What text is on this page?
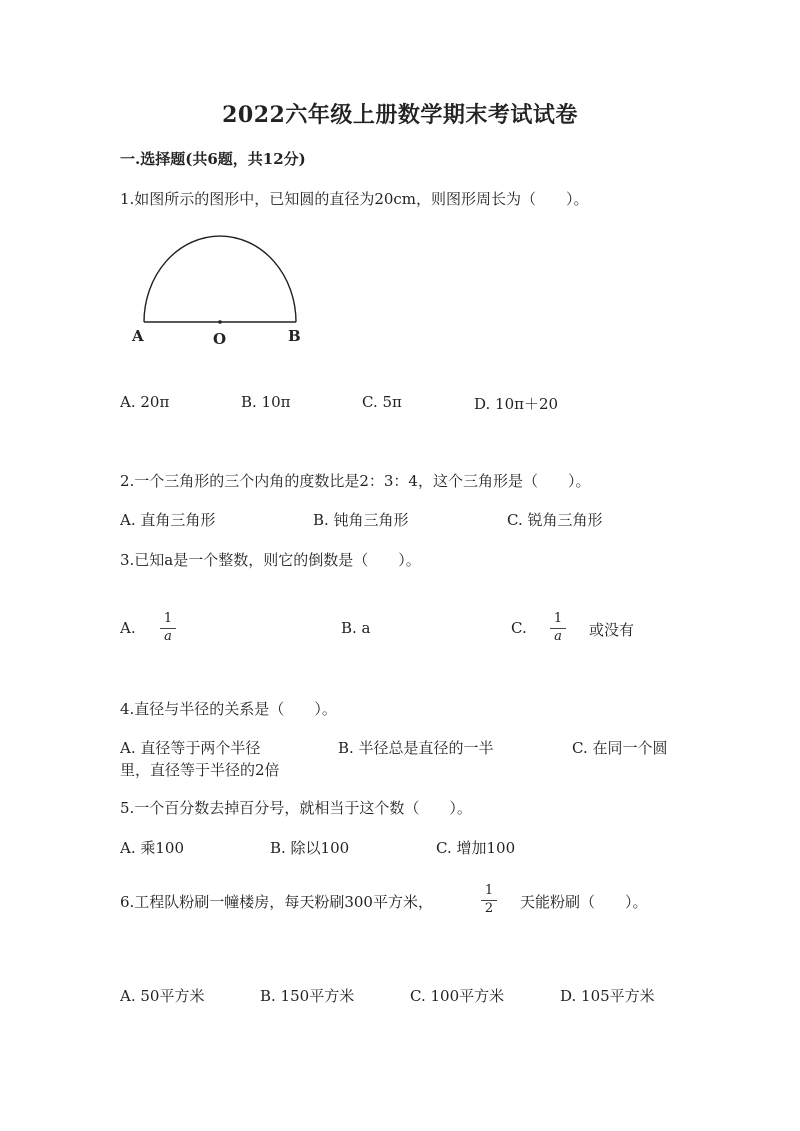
2022六年级上册数学期末考试试卷
一.选择题(共6题，共12分)
1.如图所示的图形中，已知圆的直径为20cm，则图形周长为（　　）。
A	O	B
A. 20π	B. 10π	C. 5π	D. 10π＋20
2.一个三角形的三个内角的度数比是2：3：4，这个三角形是（　　）。
A. 直角三角形	B. 钝角三角形	C. 锐角三角形
3.已知a是一个整数，则它的倒数是（　　）。
A. $\frac{1}{a}$	B. a	C. $\frac{1}{a}$ 或没有
4.直径与半径的关系是（　　）。
A. 直径等于两个半径	B. 半径总是直径的一半	C. 在同一个圆
里，直径等于半径的2倍
5.一个百分数去掉百分号，就相当于这个数（　　）。
A. 乘100	B. 除以100	C. 增加100
6.工程队粉刷一幢楼房，每天粉刷300平方米，	$\frac{1}{2}$ 天能粉刷（　　）。
A. 50平方米	B. 150平方米	C. 100平方米	D. 105平方米
